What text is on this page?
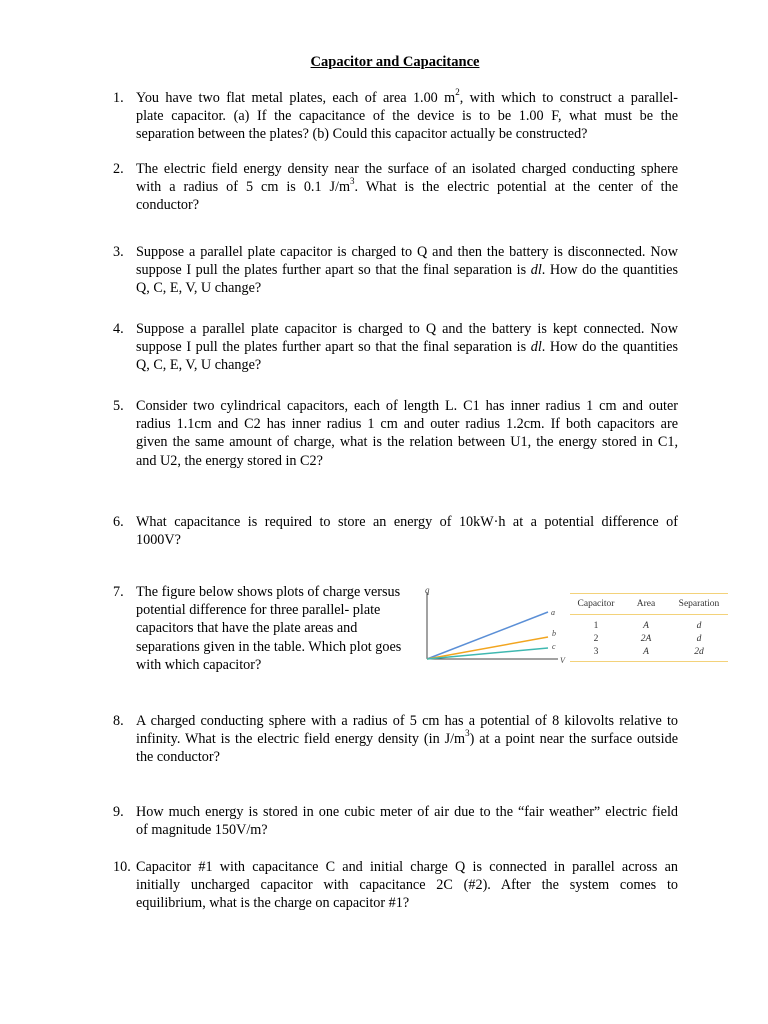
Capacitor and Capacitance
1. You have two flat metal plates, each of area 1.00 $m^2$, with which to construct a parallel-
plate capacitor. (a) If the capacitance of the device is to be 1.00 F, what must be the
separation between the plates? (b) Could this capacitor actually be constructed?
2. The electric field energy density near the surface of an isolated charged conducting sphere
with a radius of 5 cm is 0.1 $J/m^3$. What is the electric potential at the center of the
conductor?
3. Suppose a parallel plate capacitor is charged to Q and then the battery is disconnected. Now
suppose I pull the plates further apart so that the final separation is dl. How do the quantities
Q, C, E, V, U change?
4. Suppose a parallel plate capacitor is charged to Q and the battery is kept connected. Now
suppose I pull the plates further apart so that the final separation is dl. How do the quantities
Q, C, E, V, U change?
5. Consider two cylindrical capacitors, each of length L. C1 has inner radius 1 cm and outer
radius 1.1cm and C2 has inner radius 1 cm and outer radius 1.2cm. If both capacitors are
given the same amount of charge, what is the relation between U1, the energy stored in C1,
and U2, the energy stored in C2?
6. What capacitance is required to store an energy of 10kW·h at a potential difference of
1000V?
7. The figure below shows plots of charge versus potential difference for three parallel- plate capacitors that have the plate areas and separations given in the table. Which plot goes with which capacitor?
q
V
a
b
c
Capacitor	Area	Separation
1	A	d
2	2A	d
3	A	2d
8. A charged conducting sphere with a radius of 5 cm has a potential of 8 kilovolts relative to
infinity. What is the electric field energy density (in $J/m^3$) at a point near the surface outside
the conductor?
9. How much energy is stored in one cubic meter of air due to the “fair weather” electric field
of magnitude 150V/m?
10. Capacitor #1 with capacitance C and initial charge Q is connected in parallel across an
initially uncharged capacitor with capacitance 2C (#2). After the system comes to
equilibrium, what is the charge on capacitor #1?
